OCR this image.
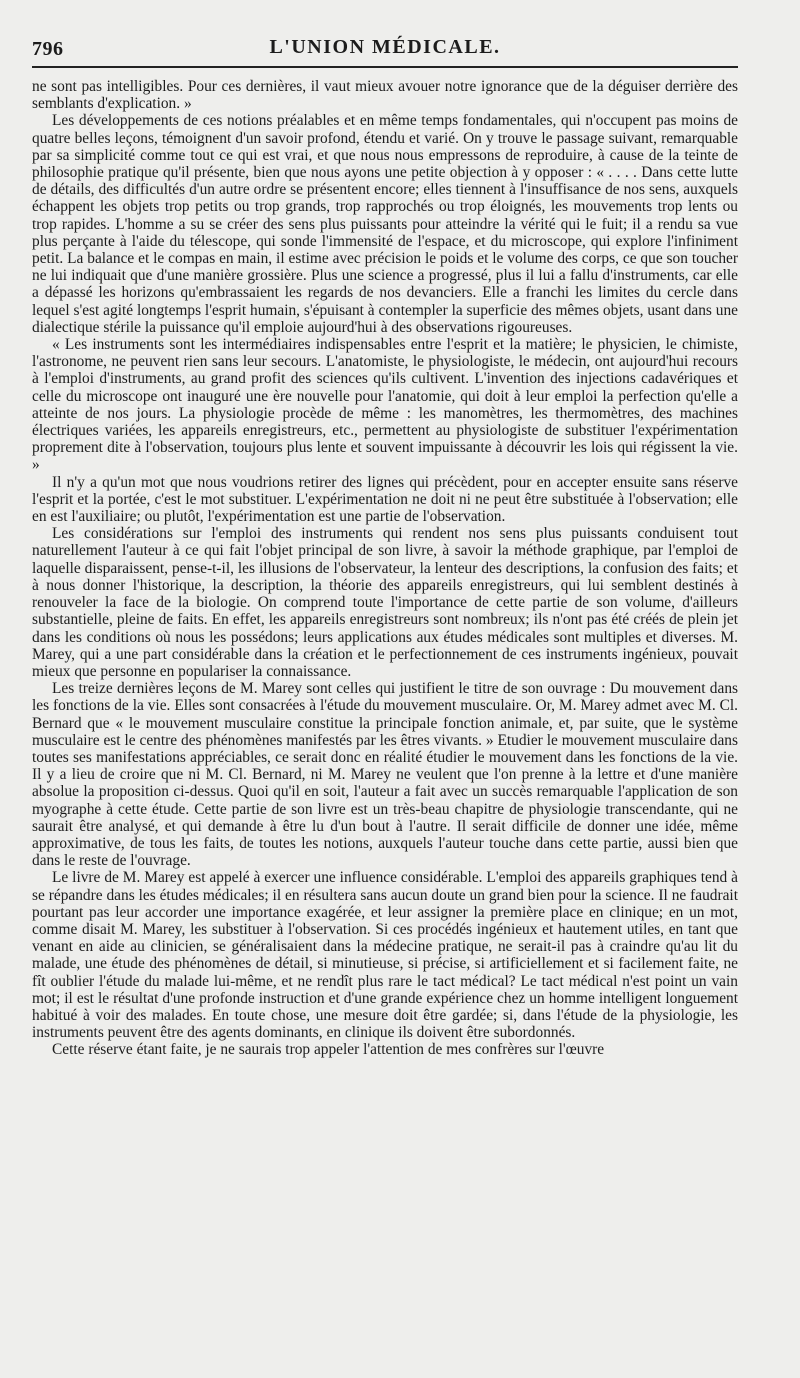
796	L'UNION MÉDICALE.

ne sont pas intelligibles. Pour ces dernières, il vaut mieux avouer notre ignorance que de la déguiser derrière des semblants d'explication. »

Les développements de ces notions préalables et en même temps fondamentales, qui n'occupent pas moins de quatre belles leçons, témoignent d'un savoir profond, étendu et varié. On y trouve le passage suivant, remarquable par sa simplicité comme tout ce qui est vrai, et que nous nous empressons de reproduire, à cause de la teinte de philosophie pratique qu'il présente, bien que nous ayons une petite objection à y opposer : « . . . . Dans cette lutte de détails, des difficultés d'un autre ordre se présentent encore; elles tiennent à l'insuffisance de nos sens, auxquels échappent les objets trop petits ou trop grands, trop rapprochés ou trop éloignés, les mouvements trop lents ou trop rapides. L'homme a su se créer des sens plus puissants pour atteindre la vérité qui le fuit; il a rendu sa vue plus perçante à l'aide du télescope, qui sonde l'immensité de l'espace, et du microscope, qui explore l'infiniment petit. La balance et le compas en main, il estime avec précision le poids et le volume des corps, ce que son toucher ne lui indiquait que d'une manière grossière. Plus une science a progressé, plus il lui a fallu d'instruments, car elle a dépassé les horizons qu'embrassaient les regards de nos devanciers. Elle a franchi les limites du cercle dans lequel s'est agité longtemps l'esprit humain, s'épuisant à contempler la superficie des mêmes objets, usant dans une dialectique stérile la puissance qu'il emploie aujourd'hui à des observations rigoureuses.

« Les instruments sont les intermédiaires indispensables entre l'esprit et la matière; le physicien, le chimiste, l'astronome, ne peuvent rien sans leur secours. L'anatomiste, le physiologiste, le médecin, ont aujourd'hui recours à l'emploi d'instruments, au grand profit des sciences qu'ils cultivent. L'invention des injections cadavériques et celle du microscope ont inauguré une ère nouvelle pour l'anatomie, qui doit à leur emploi la perfection qu'elle a atteinte de nos jours. La physiologie procède de même : les manomètres, les thermomètres, des machines électriques variées, les appareils enregistreurs, etc., permettent au physiologiste de substituer l'expérimentation proprement dite à l'observation, toujours plus lente et souvent impuissante à découvrir les lois qui régissent la vie. »

Il n'y a qu'un mot que nous voudrions retirer des lignes qui précèdent, pour en accepter ensuite sans réserve l'esprit et la portée, c'est le mot substituer. L'expérimentation ne doit ni ne peut être substituée à l'observation; elle en est l'auxiliaire; ou plutôt, l'expérimentation est une partie de l'observation.

Les considérations sur l'emploi des instruments qui rendent nos sens plus puissants conduisent tout naturellement l'auteur à ce qui fait l'objet principal de son livre, à savoir la méthode graphique, par l'emploi de laquelle disparaissent, pense-t-il, les illusions de l'observateur, la lenteur des descriptions, la confusion des faits; et à nous donner l'historique, la description, la théorie des appareils enregistreurs, qui lui semblent destinés à renouveler la face de la biologie. On comprend toute l'importance de cette partie de son volume, d'ailleurs substantielle, pleine de faits. En effet, les appareils enregistreurs sont nombreux; ils n'ont pas été créés de plein jet dans les conditions où nous les possédons; leurs applications aux études médicales sont multiples et diverses. M. Marey, qui a une part considérable dans la création et le perfectionnement de ces instruments ingénieux, pouvait mieux que personne en populariser la connaissance.

Les treize dernières leçons de M. Marey sont celles qui justifient le titre de son ouvrage : Du mouvement dans les fonctions de la vie. Elles sont consacrées à l'étude du mouvement musculaire. Or, M. Marey admet avec M. Cl. Bernard que « le mouvement musculaire constitue la principale fonction animale, et, par suite, que le système musculaire est le centre des phénomènes manifestés par les êtres vivants. » Etudier le mouvement musculaire dans toutes ses manifestations appréciables, ce serait donc en réalité étudier le mouvement dans les fonctions de la vie. Il y a lieu de croire que ni M. Cl. Bernard, ni M. Marey ne veulent que l'on prenne à la lettre et d'une manière absolue la proposition ci-dessus. Quoi qu'il en soit, l'auteur a fait avec un succès remarquable l'application de son myographe à cette étude. Cette partie de son livre est un très-beau chapitre de physiologie transcendante, qui ne saurait être analysé, et qui demande à être lu d'un bout à l'autre. Il serait difficile de donner une idée, même approximative, de tous les faits, de toutes les notions, auxquels l'auteur touche dans cette partie, aussi bien que dans le reste de l'ouvrage.

Le livre de M. Marey est appelé à exercer une influence considérable. L'emploi des appareils graphiques tend à se répandre dans les études médicales; il en résultera sans aucun doute un grand bien pour la science. Il ne faudrait pourtant pas leur accorder une importance exagérée, et leur assigner la première place en clinique; en un mot, comme disait M. Marey, les substituer à l'observation. Si ces procédés ingénieux et hautement utiles, en tant que venant en aide au clinicien, se généralisaient dans la médecine pratique, ne serait-il pas à craindre qu'au lit du malade, une étude des phénomènes de détail, si minutieuse, si précise, si artificiellement et si facilement faite, ne fît oublier l'étude du malade lui-même, et ne rendît plus rare le tact médical? Le tact médical n'est point un vain mot; il est le résultat d'une profonde instruction et d'une grande expérience chez un homme intelligent longuement habitué à voir des malades. En toute chose, une mesure doit être gardée; si, dans l'étude de la physiologie, les instruments peuvent être des agents dominants, en clinique ils doivent être subordonnés.

Cette réserve étant faite, je ne saurais trop appeler l'attention de mes confrères sur l'œuvre
